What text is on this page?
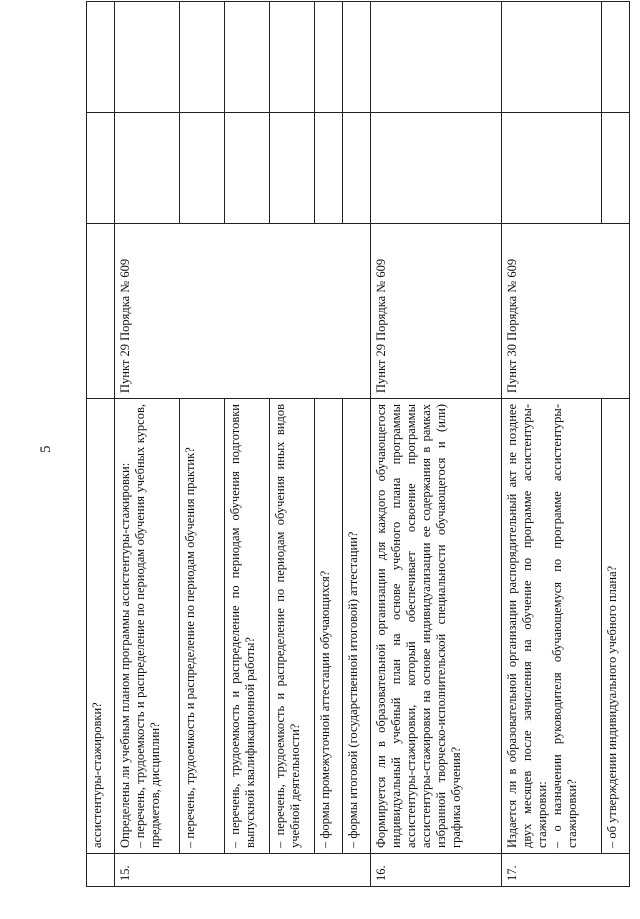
5
	ассистентуры-стажировки?			
15.	Определены ли учебным планом программы ассистентуры-стажировки: – перечень, трудоемкость и распределение по периодам обучения учебных курсов, предметов, дисциплин?	Пункт 29 Порядка № 609		
	– перечень, трудоемкость и распределение по периодам обучения практик?			
	– перечень, трудоемкость и распределение по периодам обучения подготовки выпускной квалификационной работы?			
	– перечень, трудоемкость и распределение по периодам обучения иных видов учебной деятельности?			
	– формы промежуточной аттестации обучающихся?			
	– формы итоговой (государственной итоговой) аттестации?			
16.	Формируется ли в образовательной организации для каждого обучающегося индивидуальный учебный план на основе учебного плана программы ассистентуры-стажировки, который обеспечивает освоение программы ассистентуры-стажировки на основе индивидуализации ее содержания в рамках избранной творческо-исполнительской специальности обучающегося и (или) графика обучения?	Пункт 29 Порядка № 609		
17.	Издается ли в образовательной организации распорядительный акт не позднее двух месяцев после зачисления на обучение по программе ассистентуры-стажировки: – о назначении руководителя обучающемуся по программе ассистентуры-стажировки?	Пункт 30 Порядка № 609		
	– об утверждении индивидуального учебного плана?			
